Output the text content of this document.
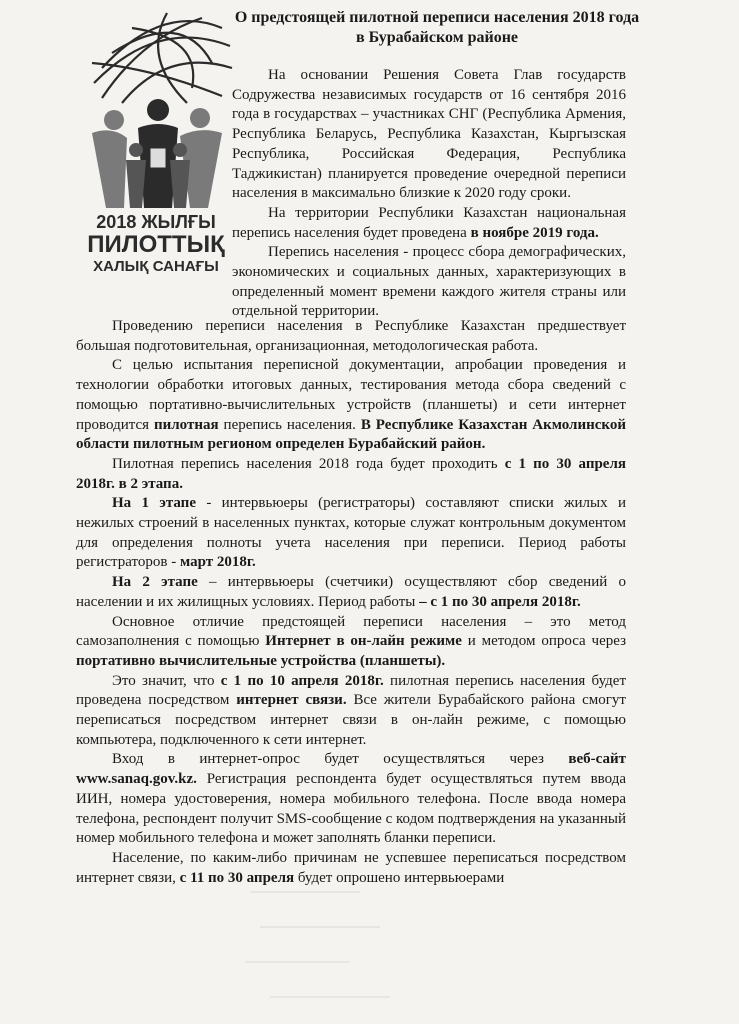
2018 ЖЫЛҒЫ
ПИЛОТТЫҚ
ХАЛЫҚ САНАҒЫ
О предстоящей пилотной переписи населения 2018 года в Бурабайском районе

На основании Решения Совета Глав государств Содружества независимых государств от 16 сентября 2016 года в государствах – участниках СНГ (Республика Армения, Республика Беларусь, Республика Казахстан, Кыргызская Республика, Российская Федерация, Республика Таджикистан) планируется проведение очередной переписи населения в максимально близкие к 2020 году сроки.

На территории Республики Казахстан национальная перепись населения будет проведена в ноябре 2019 года.

Перепись населения - процесс сбора демографических, экономических и социальных данных, характеризующих в определенный момент времени каждого жителя страны или отдельной территории.

Проведению переписи населения в Республике Казахстан предшествует большая подготовительная, организационная, методологическая работа.

С целью испытания переписной документации, апробации проведения и технологии обработки итоговых данных, тестирования метода сбора сведений с помощью портативно-вычислительных устройств (планшеты) и сети интернет проводится пилотная перепись населения. В Республике Казахстан Акмолинской области пилотным регионом определен Бурабайский район.

Пилотная перепись населения 2018 года будет проходить с 1 по 30 апреля 2018г. в 2 этапа.

На 1 этапе - интервьюеры (регистраторы) составляют списки жилых и нежилых строений в населенных пунктах, которые служат контрольным документом для определения полноты учета населения при переписи. Период работы регистраторов - март 2018г.

На 2 этапе – интервьюеры (счетчики) осуществляют сбор сведений о населении и их жилищных условиях. Период работы – с 1 по 30 апреля 2018г.

Основное отличие предстоящей переписи населения – это метод самозаполнения с помощью Интернет в он-лайн режиме и методом опроса через портативно вычислительные устройства (планшеты).

Это значит, что с 1 по 10 апреля 2018г. пилотная перепись населения будет проведена посредством интернет связи. Все жители Бурабайского района смогут переписаться посредством интернет связи в он-лайн режиме, с помощью компьютера, подключенного к сети интернет.

Вход в интернет-опрос будет осуществляться через веб-сайт www.sanaq.gov.kz. Регистрация респондента будет осуществляться путем ввода ИИН, номера удостоверения, номера мобильного телефона. После ввода номера телефона, респондент получит SMS-сообщение с кодом подтверждения на указанный номер мобильного телефона и может заполнять бланки переписи.

Население, по каким-либо причинам не успевшее переписаться посредством интернет связи, с 11 по 30 апреля будет опрошено интервьюерами
